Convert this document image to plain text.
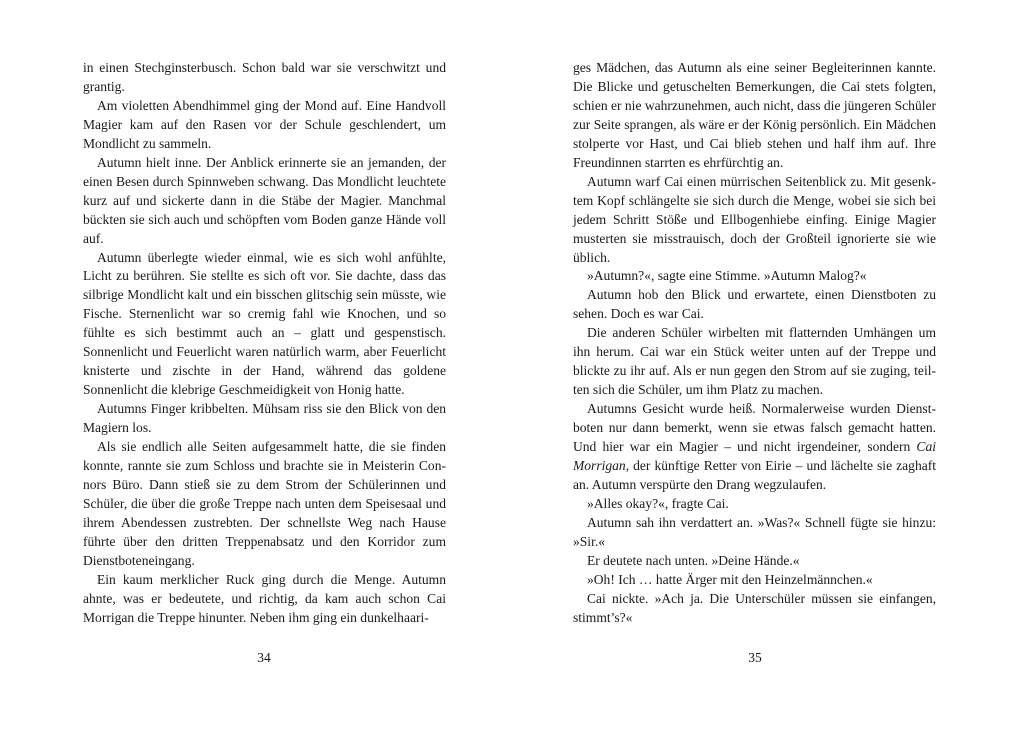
in einen Stechginsterbusch. Schon bald war sie verschwitzt und grantig.

Am violetten Abendhimmel ging der Mond auf. Eine Handvoll Magier kam auf den Rasen vor der Schule geschlendert, um Mondlicht zu sammeln.

Autumn hielt inne. Der Anblick erinnerte sie an jemanden, der einen Besen durch Spinnweben schwang. Das Mondlicht leuchtete kurz auf und sickerte dann in die Stäbe der Magier. Manchmal bückten sie sich auch und schöpften vom Boden ganze Hände voll auf.

Autumn überlegte wieder einmal, wie es sich wohl anfühlte, Licht zu berühren. Sie stellte es sich oft vor. Sie dachte, dass das silbrige Mondlicht kalt und ein bisschen glitschig sein müsste, wie Fische. Sternenlicht war so cremig fahl wie Knochen, und so fühlte es sich bestimmt auch an – glatt und gespenstisch. Sonnenlicht und Feuerlicht waren natürlich warm, aber Feuerlicht knisterte und zischte in der Hand, während das goldene Sonnenlicht die klebrige Geschmeidigkeit von Honig hatte.

Autumns Finger kribbelten. Mühsam riss sie den Blick von den Magiern los.

Als sie endlich alle Seiten aufgesammelt hatte, die sie finden konnte, rannte sie zum Schloss und brachte sie in Meisterin Connors Büro. Dann stieß sie zu dem Strom der Schülerinnen und Schüler, die über die große Treppe nach unten dem Speisesaal und ihrem Abendessen zustrebten. Der schnellste Weg nach Hause führte über den dritten Treppenabsatz und den Korridor zum Dienstboteneingang.

Ein kaum merklicher Ruck ging durch die Menge. Autumn ahnte, was er bedeutete, und richtig, da kam auch schon Cai Morrigan die Treppe hinunter. Neben ihm ging ein dunkelhaari-

34

ges Mädchen, das Autumn als eine seiner Begleiterinnen kannte. Die Blicke und getuschelten Bemerkungen, die Cai stets folgten, schien er nie wahrzunehmen, auch nicht, dass die jüngeren Schüler zur Seite sprangen, als wäre er der König persönlich. Ein Mädchen stolperte vor Hast, und Cai blieb stehen und half ihm auf. Ihre Freundinnen starrten es ehrfürchtig an.

Autumn warf Cai einen mürrischen Seitenblick zu. Mit gesenktem Kopf schlängelte sie sich durch die Menge, wobei sie sich bei jedem Schritt Stöße und Ellbogenhiebe einfing. Einige Magier musterten sie misstrauisch, doch der Großteil ignorierte sie wie üblich.

»Autumn?«, sagte eine Stimme. »Autumn Malog?«

Autumn hob den Blick und erwartete, einen Dienstboten zu sehen. Doch es war Cai.

Die anderen Schüler wirbelten mit flatternden Umhängen um ihn herum. Cai war ein Stück weiter unten auf der Treppe und blickte zu ihr auf. Als er nun gegen den Strom auf sie zuging, teilten sich die Schüler, um ihm Platz zu machen.

Autumns Gesicht wurde heiß. Normalerweise wurden Dienstboten nur dann bemerkt, wenn sie etwas falsch gemacht hatten. Und hier war ein Magier – und nicht irgendeiner, sondern Cai Morrigan, der künftige Retter von Eirie – und lächelte sie zaghaft an. Autumn verspürte den Drang wegzulaufen.

»Alles okay?«, fragte Cai.

Autumn sah ihn verdattert an. »Was?« Schnell fügte sie hinzu: »Sir.«

Er deutete nach unten. »Deine Hände.«

»Oh! Ich … hatte Ärger mit den Heinzelmännchen.«

Cai nickte. »Ach ja. Die Unterschüler müssen sie einfangen, stimmt’s?«

35
